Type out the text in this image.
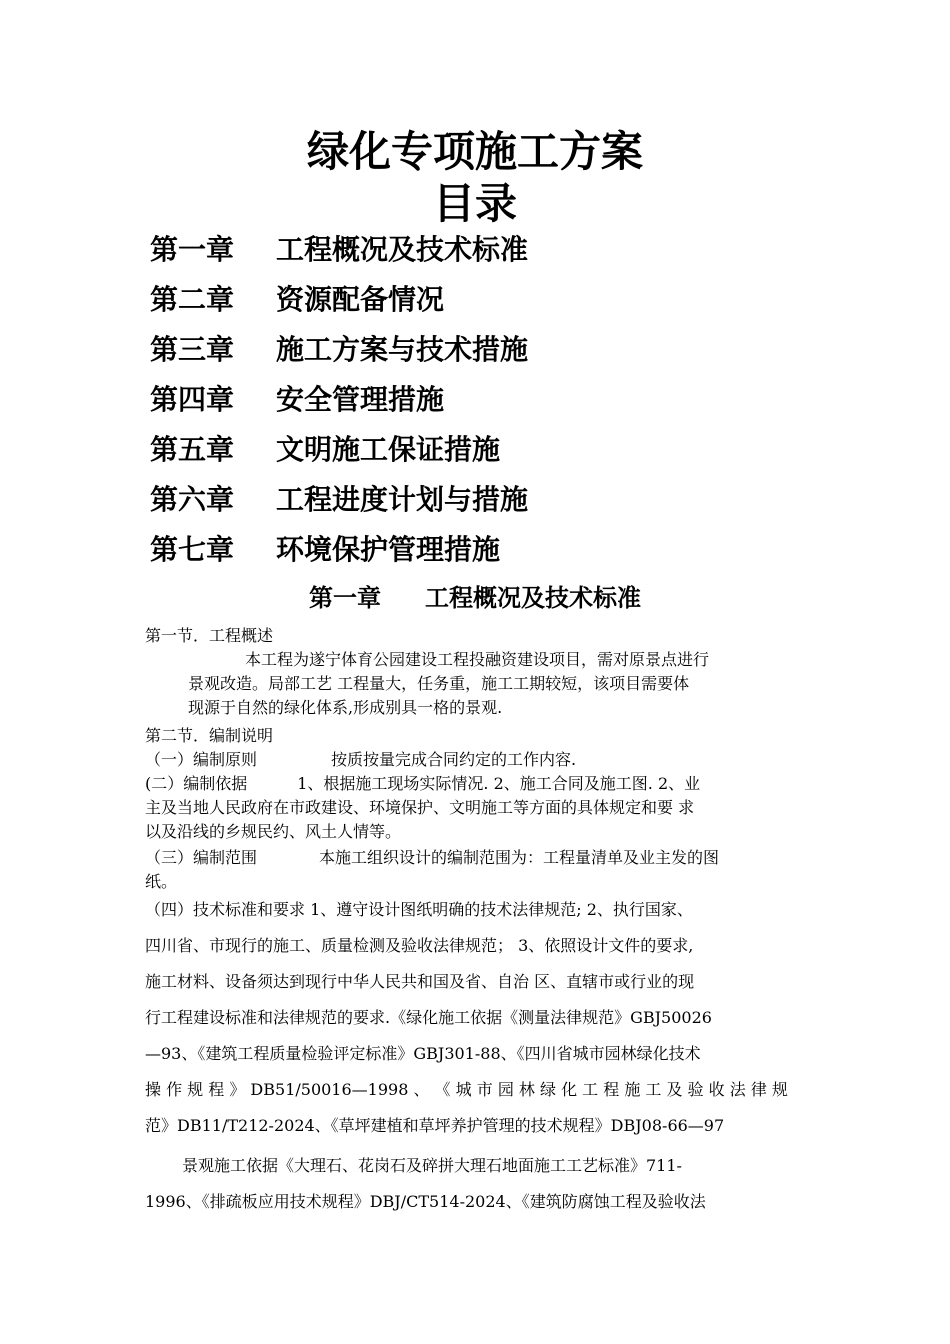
绿化专项施工方案
目录
第一章 工程概况及技术标准
第二章 资源配备情况
第三章 施工方案与技术措施
第四章 安全管理措施
第五章 文明施工保证措施
第六章 工程进度计划与措施
第七章 环境保护管理措施
第一章 工程概况及技术标准
第一节．工程概述
本工程为遂宁体育公园建设工程投融资建设项目，需对原景点进行
景观改造。局部工艺 工程量大，任务重，施工工期较短，该项目需要体
现源于自然的绿化体系,形成别具一格的景观.
第二节．编制说明
（一）编制原则	按质按量完成合同约定的工作内容.
(二）编制依据	1、根据施工现场实际情况. 2、施工合同及施工图. 2、业
主及当地人民政府在市政建设、环境保护、文明施工等方面的具体规定和要 求
以及沿线的乡规民约、风土人情等。
（三）编制范围	本施工组织设计的编制范围为：工程量清单及业主发的图
纸。
（四）技术标准和要求 1、遵守设计图纸明确的技术法律规范; 2、执行国家、
四川省、市现行的施工、质量检测及验收法律规范； 3、依照设计文件的要求,
施工材料、设备须达到现行中华人民共和国及省、自治 区、直辖市或行业的现
行工程建设标准和法律规范的要求.《绿化施工依据《测量法律规范》GBJ50026
—93、《建筑工程质量检验评定标准》GBJ301-88、《四川省城市园林绿化技术
操 作 规 程 》 DB51/50016—1998 、 《 城 市 园 林 绿 化 工 程 施 工 及 验 收 法 律 规
范》DB11/T212-2024、《草坪建植和草坪养护管理的技术规程》DBJ08-66—97
景观施工依据《大理石、花岗石及碎拼大理石地面施工工艺标准》711-
1996、《排疏板应用技术规程》DBJ/CT514-2024、《建筑防腐蚀工程及验收法
